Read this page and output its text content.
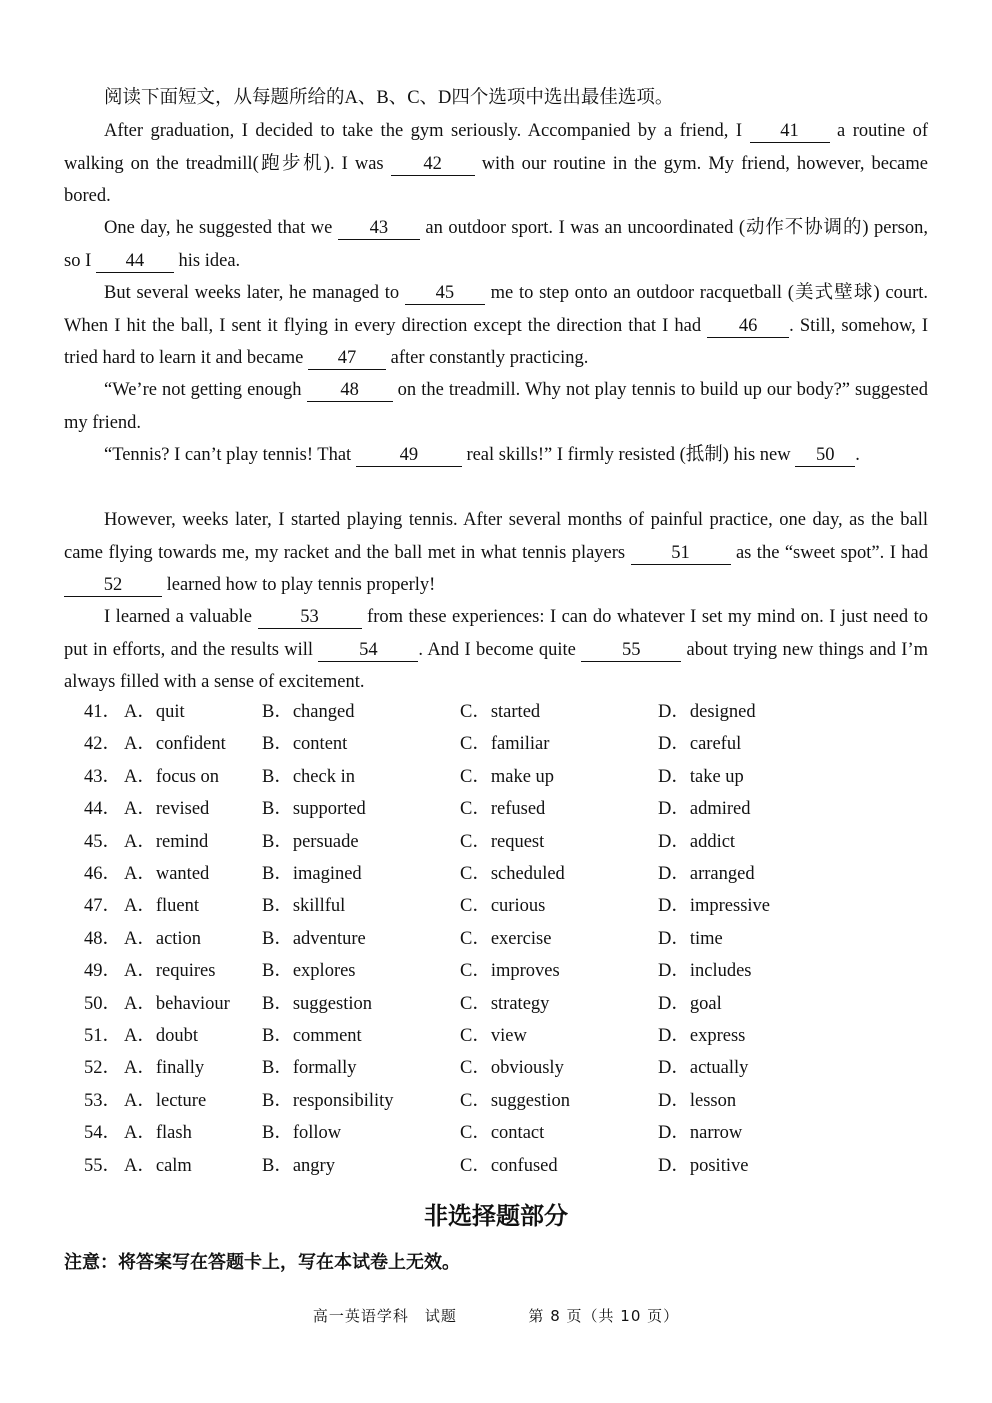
阅读下面短文，从每题所给的A、B、C、D四个选项中选出最佳选项。

After graduation, I decided to take the gym seriously. Accompanied by a friend, I 41 a routine of walking on the treadmill(跑步机). I was 42 with our routine in the gym. My friend, however, became bored.

One day, he suggested that we 43 an outdoor sport. I was an uncoordinated (动作不协调的) person, so I 44 his idea.

But several weeks later, he managed to 45 me to step onto an outdoor racquetball (美式壁球) court. When I hit the ball, I sent it flying in every direction except the direction that I had 46 . Still, somehow, I tried hard to learn it and became 47 after constantly practicing.

“We’re not getting enough 48 on the treadmill. Why not play tennis to build up our body?” suggested my friend.

“Tennis? I can’t play tennis! That 49 real skills!” I firmly resisted (抵制) his new 50 .

However, weeks later, I started playing tennis. After several months of painful practice, one day, as the ball came flying towards me, my racket and the ball met in what tennis players 51 as the “sweet spot”. I had 52 learned how to play tennis properly!

I learned a valuable 53 from these experiences: I can do whatever I set my mind on. I just need to put in efforts, and the results will 54 . And I become quite 55 about trying new things and I’m always filled with a sense of excitement.

41． A．quit	B．changed	C．started	D．designed
42． A．confident B．content	C．familiar	D．careful
43． A．focus on B．check in	C．make up	D．take up
44． A．revised	B．supported	C．refused	D．admired
45． A．remind	B．persuade	C．request	D．addict
46． A．wanted	B．imagined	C．scheduled	D．arranged
47． A．fluent	B．skillful	C．curious	D．impressive
48． A．action	B．adventure	C．exercise	D．time
49． A．requires	B．explores	C．improves	D．includes
50． A．behaviour B．suggestion	C．strategy	D．goal
51． A．doubt	B．comment	C．view	D．express
52． A．finally	B．formally	C．obviously	D．actually
53． A．lecture	B．responsibility	C．suggestion	D．lesson
54． A．flash	B．follow	C．contact	D．narrow
55． A．calm	B．angry	C．confused	D．positive
非选择题部分

注意：将答案写在答题卡上，写在本试卷上无效。

高一英语学科　试题	第 8 页（共 10 页）
